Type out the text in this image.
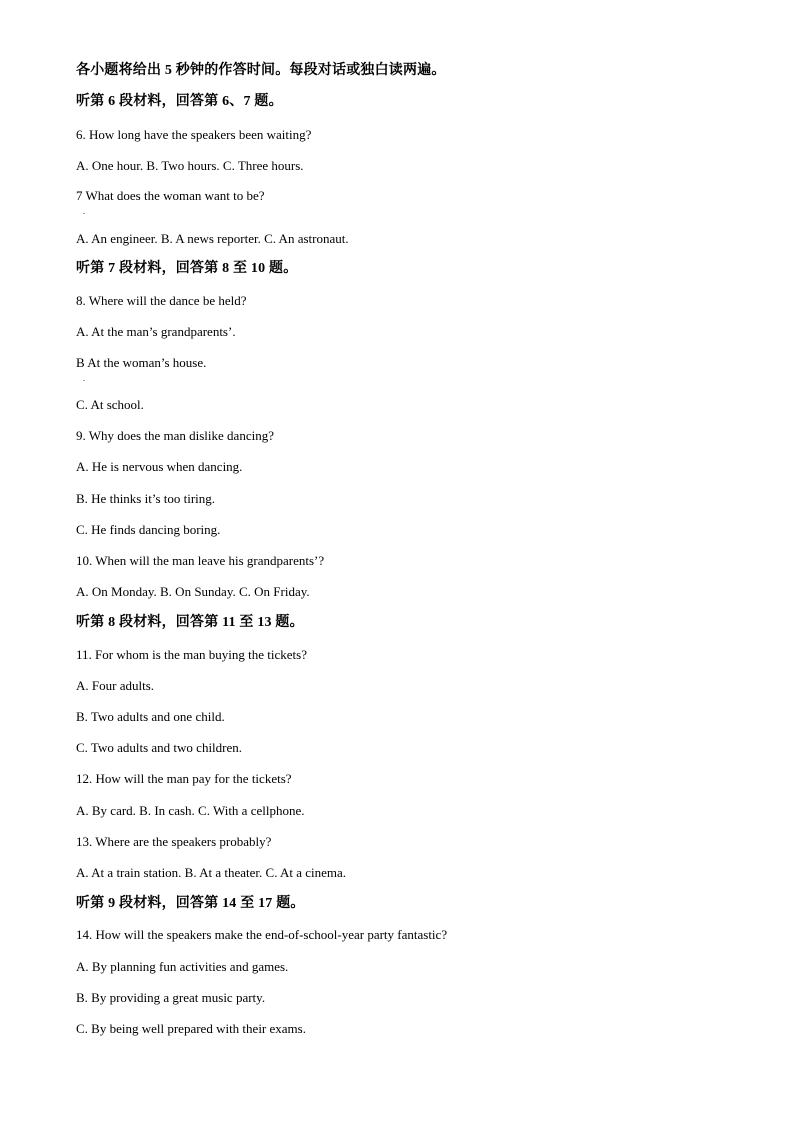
各小题将给出 5 秒钟的作答时间。每段对话或独白读两遍。
听第 6 段材料，回答第 6、7 题。
6. How long have the speakers been waiting?
A. One hour. B. Two hours. C. Three hours.
7 What does the woman want to be?
.
A. An engineer. B. A news reporter. C. An astronaut.
听第 7 段材料，回答第 8 至 10 题。
8. Where will the dance be held?
A. At the man’s grandparents’.
B At the woman’s house.
.
C. At school.
9. Why does the man dislike dancing?
A. He is nervous when dancing.
B. He thinks it’s too tiring.
C. He finds dancing boring.
10. When will the man leave his grandparents’?
A. On Monday. B. On Sunday. C. On Friday.
听第 8 段材料，回答第 11 至 13 题。
11. For whom is the man buying the tickets?
A. Four adults.
B. Two adults and one child.
C. Two adults and two children.
12. How will the man pay for the tickets?
A. By card. B. In cash. C. With a cellphone.
13. Where are the speakers probably?
A. At a train station. B. At a theater. C. At a cinema.
听第 9 段材料，回答第 14 至 17 题。
14. How will the speakers make the end-of-school-year party fantastic?
A. By planning fun activities and games.
B. By providing a great music party.
C. By being well prepared with their exams.
